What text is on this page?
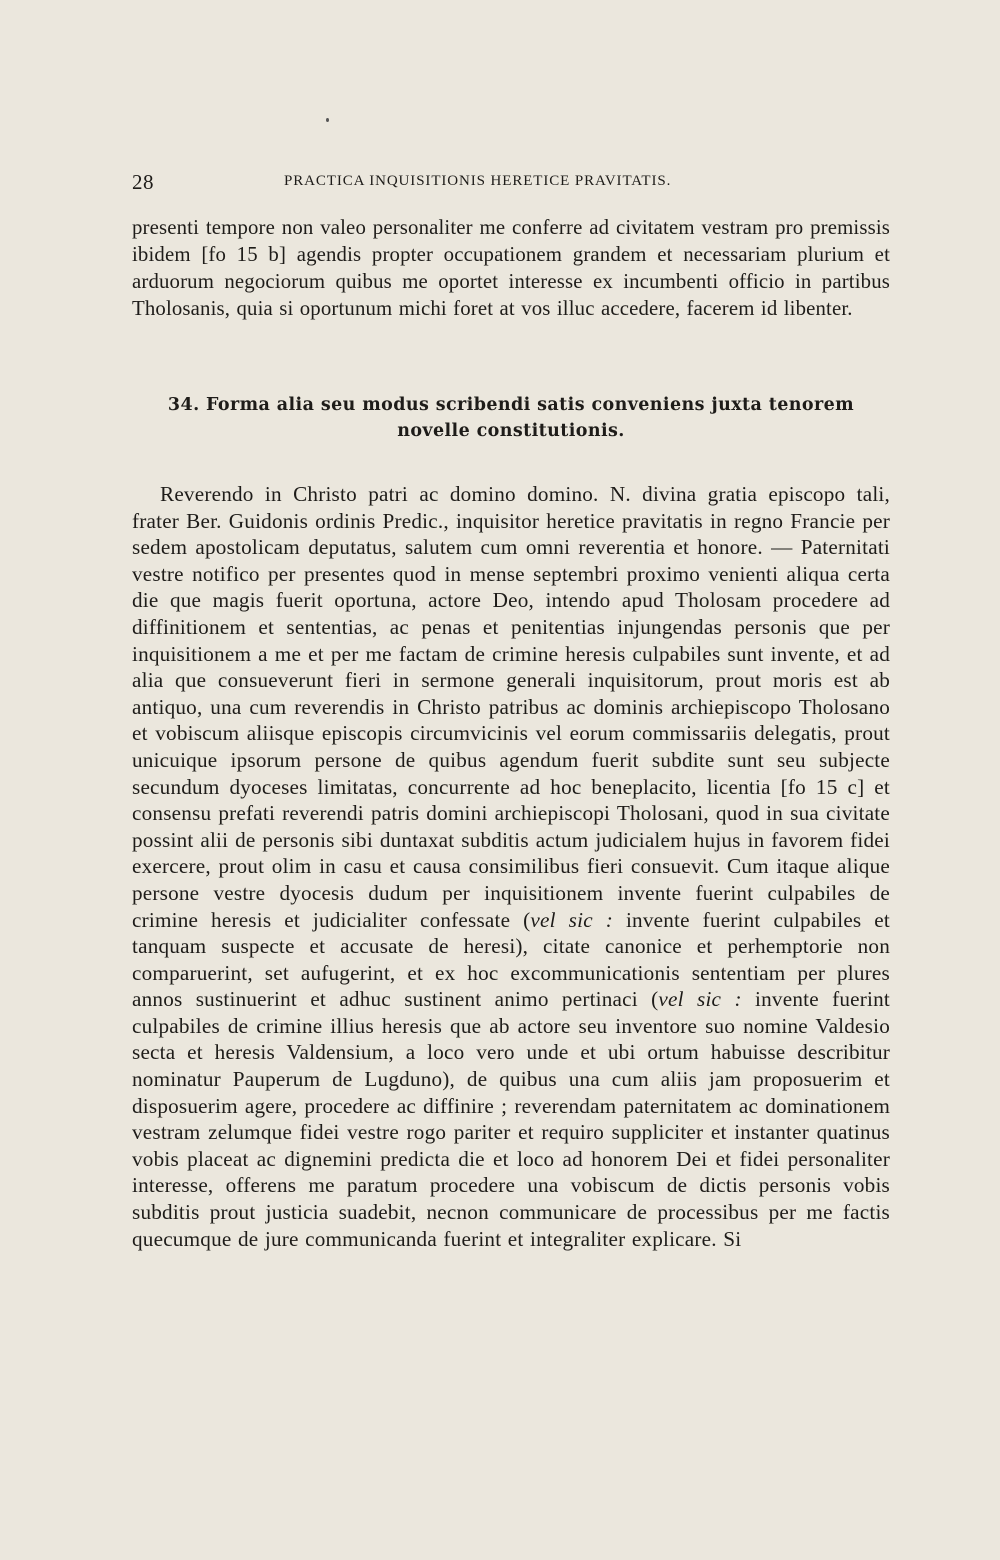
28	PRACTICA INQUISITIONIS HERETICE PRAVITATIS.

presenti tempore non valeo personaliter me conferre ad civitatem vestram pro premissis ibidem [fo 15 b] agendis propter occupationem grandem et necessariam plurium et arduorum negociorum quibus me oportet interesse ex incumbenti officio in partibus Tholosanis, quia si oportunum michi foret at vos illuc accedere, facerem id libenter.

34. Forma alia seu modus scribendi satis conveniens juxta tenorem novelle constitutionis.

Reverendo in Christo patri ac domino domino. N. divina gratia episcopo tali, frater Ber. Guidonis ordinis Predic., inquisitor heretice pravitatis in regno Francie per sedem apostolicam deputatus, salutem cum omni reverentia et honore. — Paternitati vestre notifico per presentes quod in mense septembri proximo venienti aliqua certa die que magis fuerit oportuna, actore Deo, intendo apud Tholosam procedere ad diffinitionem et sententias, ac penas et penitentias injungendas personis que per inquisitionem a me et per me factam de crimine heresis culpabiles sunt invente, et ad alia que consueverunt fieri in sermone generali inquisitorum, prout moris est ab antiquo, una cum reverendis in Christo patribus ac dominis archiepiscopo Tholosano et vobiscum aliisque episcopis circumvicinis vel eorum commissariis delegatis, prout unicuique ipsorum persone de quibus agendum fuerit subdite sunt seu subjecte secundum dyoceses limitatas, concurrente ad hoc beneplacito, licentia [fo 15 c] et consensu prefati reverendi patris domini archiepiscopi Tholosani, quod in sua civitate possint alii de personis sibi duntaxat subditis actum judicialem hujus in favorem fidei exercere, prout olim in casu et causa consimilibus fieri consuevit. Cum itaque alique persone vestre dyocesis dudum per inquisitionem invente fuerint culpabiles de crimine heresis et judicialiter confessate (vel sic : invente fuerint culpabiles et tanquam suspecte et accusate de heresi), citate canonice et perhemptorie non comparuerint, set aufugerint, et ex hoc excommunicationis sententiam per plures annos sustinuerint et adhuc sustinent animo pertinaci (vel sic : invente fuerint culpabiles de crimine illius heresis que ab actore seu inventore suo nomine Valdesio secta et heresis Valdensium, a loco vero unde et ubi ortum habuisse describitur nominatur Pauperum de Lugduno), de quibus una cum aliis jam proposuerim et disposuerim agere, procedere ac diffinire ; reverendam paternitatem ac dominationem vestram zelumque fidei vestre rogo pariter et requiro suppliciter et instanter quatinus vobis placeat ac dignemini predicta die et loco ad honorem Dei et fidei personaliter interesse, offerens me paratum procedere una vobiscum de dictis personis vobis subditis prout justicia suadebit, necnon communicare de processibus per me factis quecumque de jure communicanda fuerint et integraliter explicare. Si
